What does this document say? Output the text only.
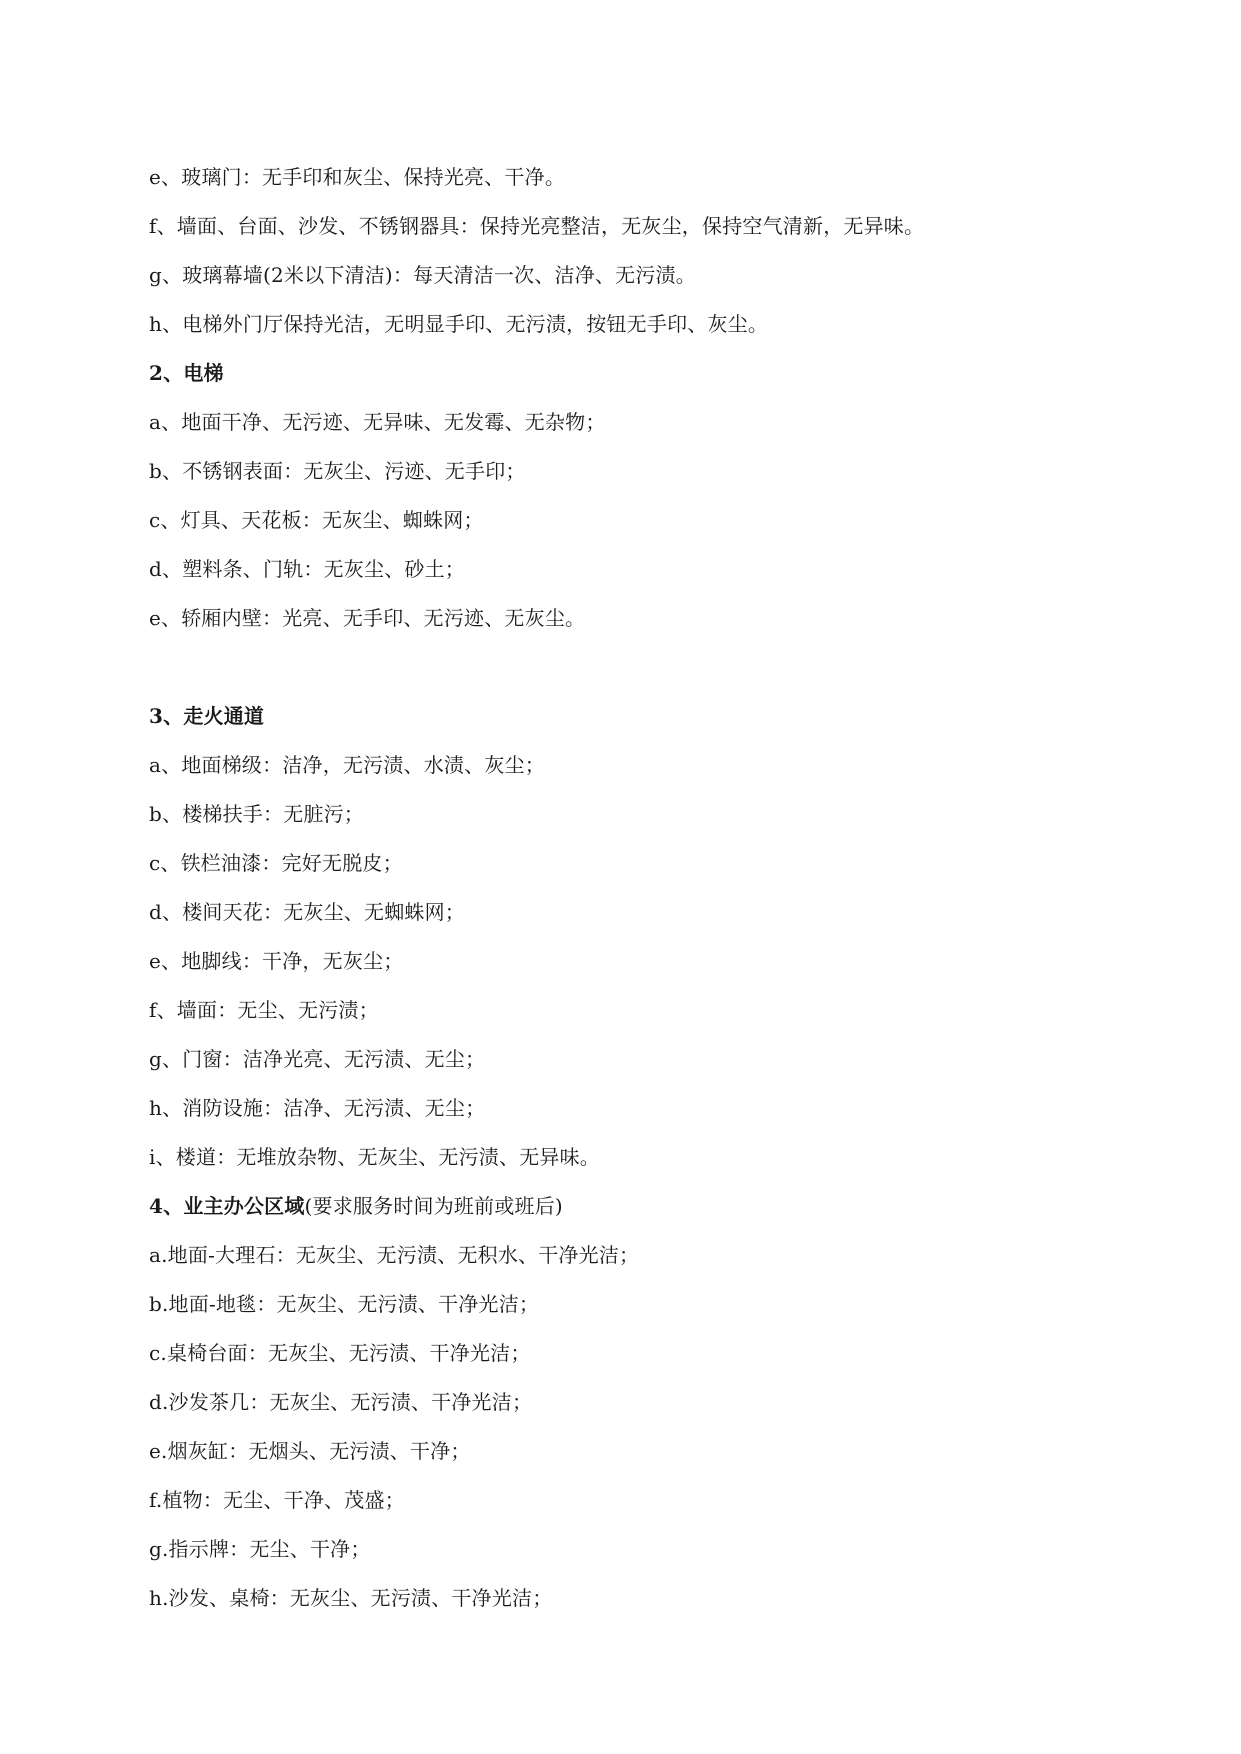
e、玻璃门：无手印和灰尘、保持光亮、干净。
f、墙面、台面、沙发、不锈钢器具：保持光亮整洁，无灰尘，保持空气清新，无异味。
g、玻璃幕墙(2米以下清洁)：每天清洁一次、洁净、无污渍。
h、电梯外门厅保持光洁，无明显手印、无污渍，按钮无手印、灰尘。
2、电梯
a、地面干净、无污迹、无异味、无发霉、无杂物；
b、不锈钢表面：无灰尘、污迹、无手印；
c、灯具、天花板：无灰尘、蜘蛛网；
d、塑料条、门轨：无灰尘、砂土；
e、轿厢内壁：光亮、无手印、无污迹、无灰尘。
3、走火通道
a、地面梯级：洁净，无污渍、水渍、灰尘；
b、楼梯扶手：无脏污；
c、铁栏油漆：完好无脱皮；
d、楼间天花：无灰尘、无蜘蛛网；
e、地脚线：干净，无灰尘；
f、墙面：无尘、无污渍；
g、门窗：洁净光亮、无污渍、无尘；
h、消防设施：洁净、无污渍、无尘；
i、楼道：无堆放杂物、无灰尘、无污渍、无异味。
4、业主办公区域(要求服务时间为班前或班后)
a.地面-大理石：无灰尘、无污渍、无积水、干净光洁；
b.地面-地毯：无灰尘、无污渍、干净光洁；
c.桌椅台面：无灰尘、无污渍、干净光洁；
d.沙发茶几：无灰尘、无污渍、干净光洁；
e.烟灰缸：无烟头、无污渍、干净；
f.植物：无尘、干净、茂盛；
g.指示牌：无尘、干净；
h.沙发、桌椅：无灰尘、无污渍、干净光洁；
